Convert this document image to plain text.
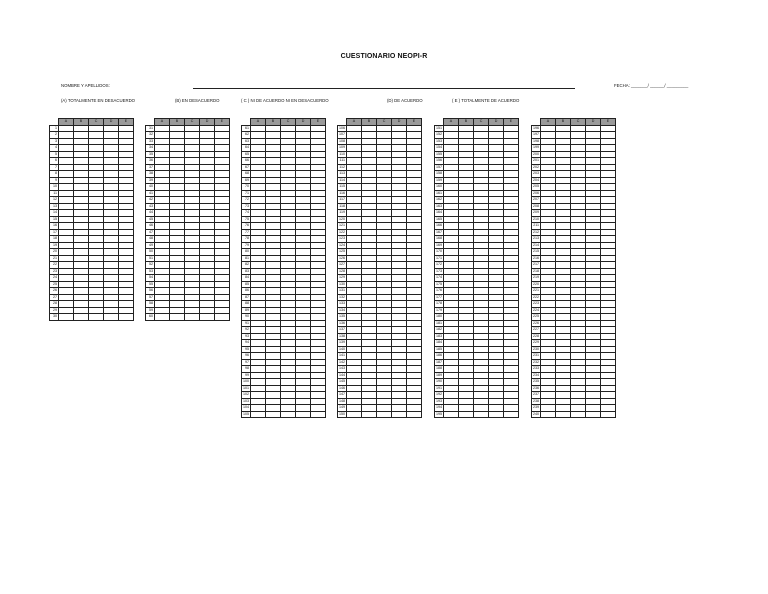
CUESTIONARIO NEOPI-R
NOMBRE Y APELLIDOS:	FECHA: _______/ ______/ _________
(A) TOTALMENTE EN DESACUERDO	(B) EN DESACUERDO	( C ) NI DE ACUERDO NI EN DESACUERDO	(D) DE ACUERDO	( E ) TOTALMENTE DE ACUERDO
	A	B	C	D	E
1					
2					
3					
4					
5					
6					
7					
8					
9					
10					
11					
12					
13					
14					
15					
16					
17					
18					
19					
20					
21					
22					
23					
24					
25					
26					
27					
28					
29					
30					
	A	B	C	D	E
31					
32					
33					
34					
35					
36					
37					
38					
39					
40					
41					
42					
43					
44					
45					
46					
47					
48					
49					
50					
51					
52					
53					
54					
55					
56					
57					
58					
59					
60					
	A	B	C	D	E
61					
62					
63					
64					
65					
66					
67					
68					
69					
70					
71					
72					
73					
74					
75					
76					
77					
78					
79					
80					
81					
82					
83					
84					
85					
86					
87					
88					
89					
90					
91					
92					
93					
94					
95					
96					
97					
98					
99					
100					
101					
102					
103					
104					
105					
	A	B	C	D	E
106					
107					
108					
109					
110					
111					
112					
113					
114					
115					
116					
117					
118					
119					
120					
121					
122					
123					
124					
125					
126					
127					
128					
129					
130					
131					
132					
133					
134					
135					
136					
137					
138					
139					
140					
141					
142					
143					
144					
145					
146					
147					
148					
149					
150					
	A	B	C	D	E
151					
152					
153					
154					
155					
156					
157					
158					
159					
160					
161					
162					
163					
164					
165					
166					
167					
168					
169					
170					
171					
172					
173					
174					
175					
176					
177					
178					
179					
180					
181					
182					
183					
184					
185					
186					
187					
188					
189					
190					
191					
192					
193					
194					
195					
	A	B	C	D	E
196					
197					
198					
199					
200					
201					
202					
203					
204					
205					
206					
207					
208					
209					
210					
211					
212					
213					
214					
215					
216					
217					
218					
219					
220					
221					
222					
223					
224					
225					
226					
227					
228					
229					
230					
231					
232					
233					
234					
235					
236					
237					
238					
239					
240					
